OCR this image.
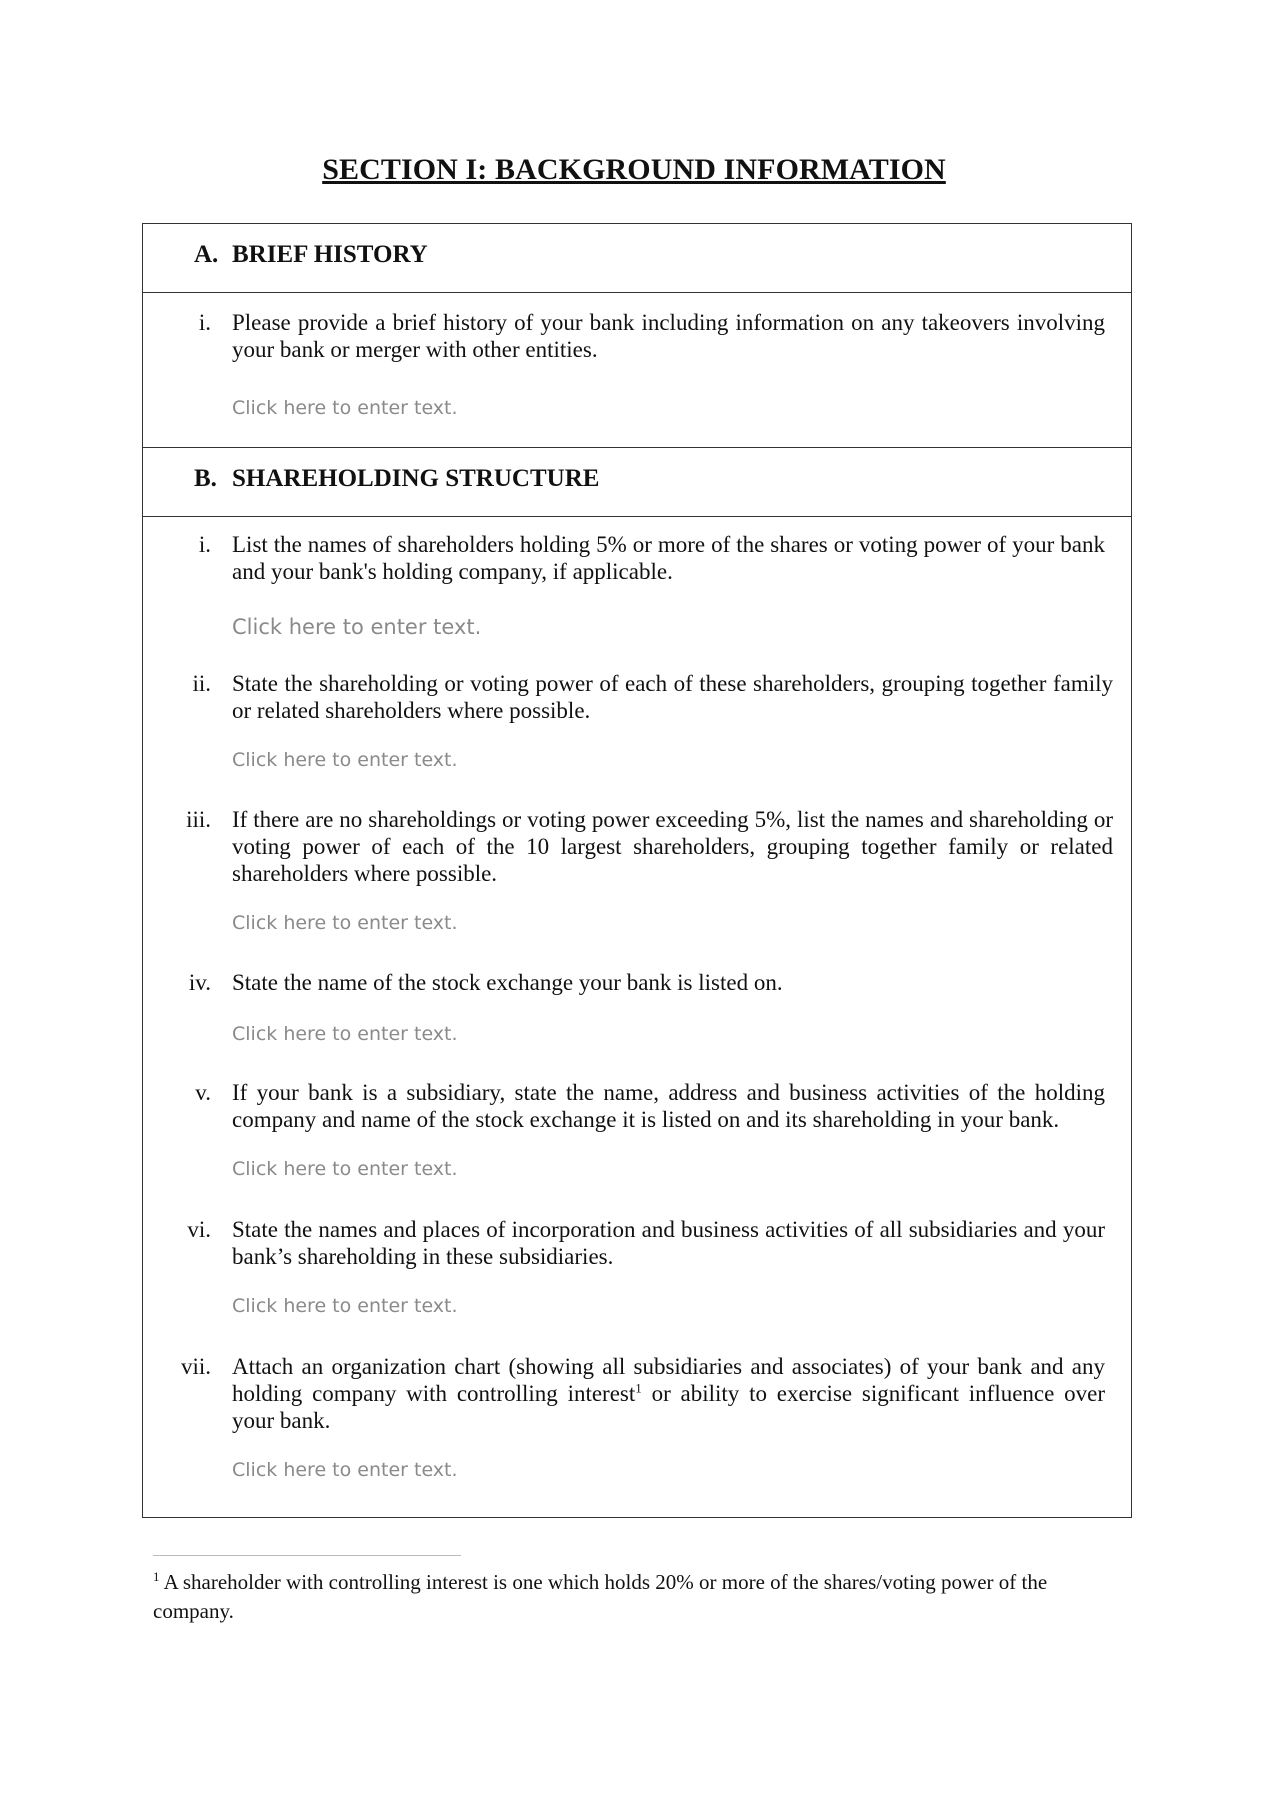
SECTION I: BACKGROUND INFORMATION
A. BRIEF HISTORY
i. Please provide a brief history of your bank including information on any takeovers involving your bank or merger with other entities.
Click here to enter text.
B. SHAREHOLDING STRUCTURE
i. List the names of shareholders holding 5% or more of the shares or voting power of your bank and your bank's holding company, if applicable.
Click here to enter text.
ii. State the shareholding or voting power of each of these shareholders, grouping together family or related shareholders where possible.
Click here to enter text.
iii. If there are no shareholdings or voting power exceeding 5%, list the names and shareholding or voting power of each of the 10 largest shareholders, grouping together family or related shareholders where possible.
Click here to enter text.
iv. State the name of the stock exchange your bank is listed on.
Click here to enter text.
v. If your bank is a subsidiary, state the name, address and business activities of the holding company and name of the stock exchange it is listed on and its shareholding in your bank.
Click here to enter text.
vi. State the names and places of incorporation and business activities of all subsidiaries and your bank’s shareholding in these subsidiaries.
Click here to enter text.
vii. Attach an organization chart (showing all subsidiaries and associates) of your bank and any holding company with controlling interest$^1$ or ability to exercise significant influence over your bank.
Click here to enter text.
$^1$ A shareholder with controlling interest is one which holds 20% or more of the shares/voting power of the company.
